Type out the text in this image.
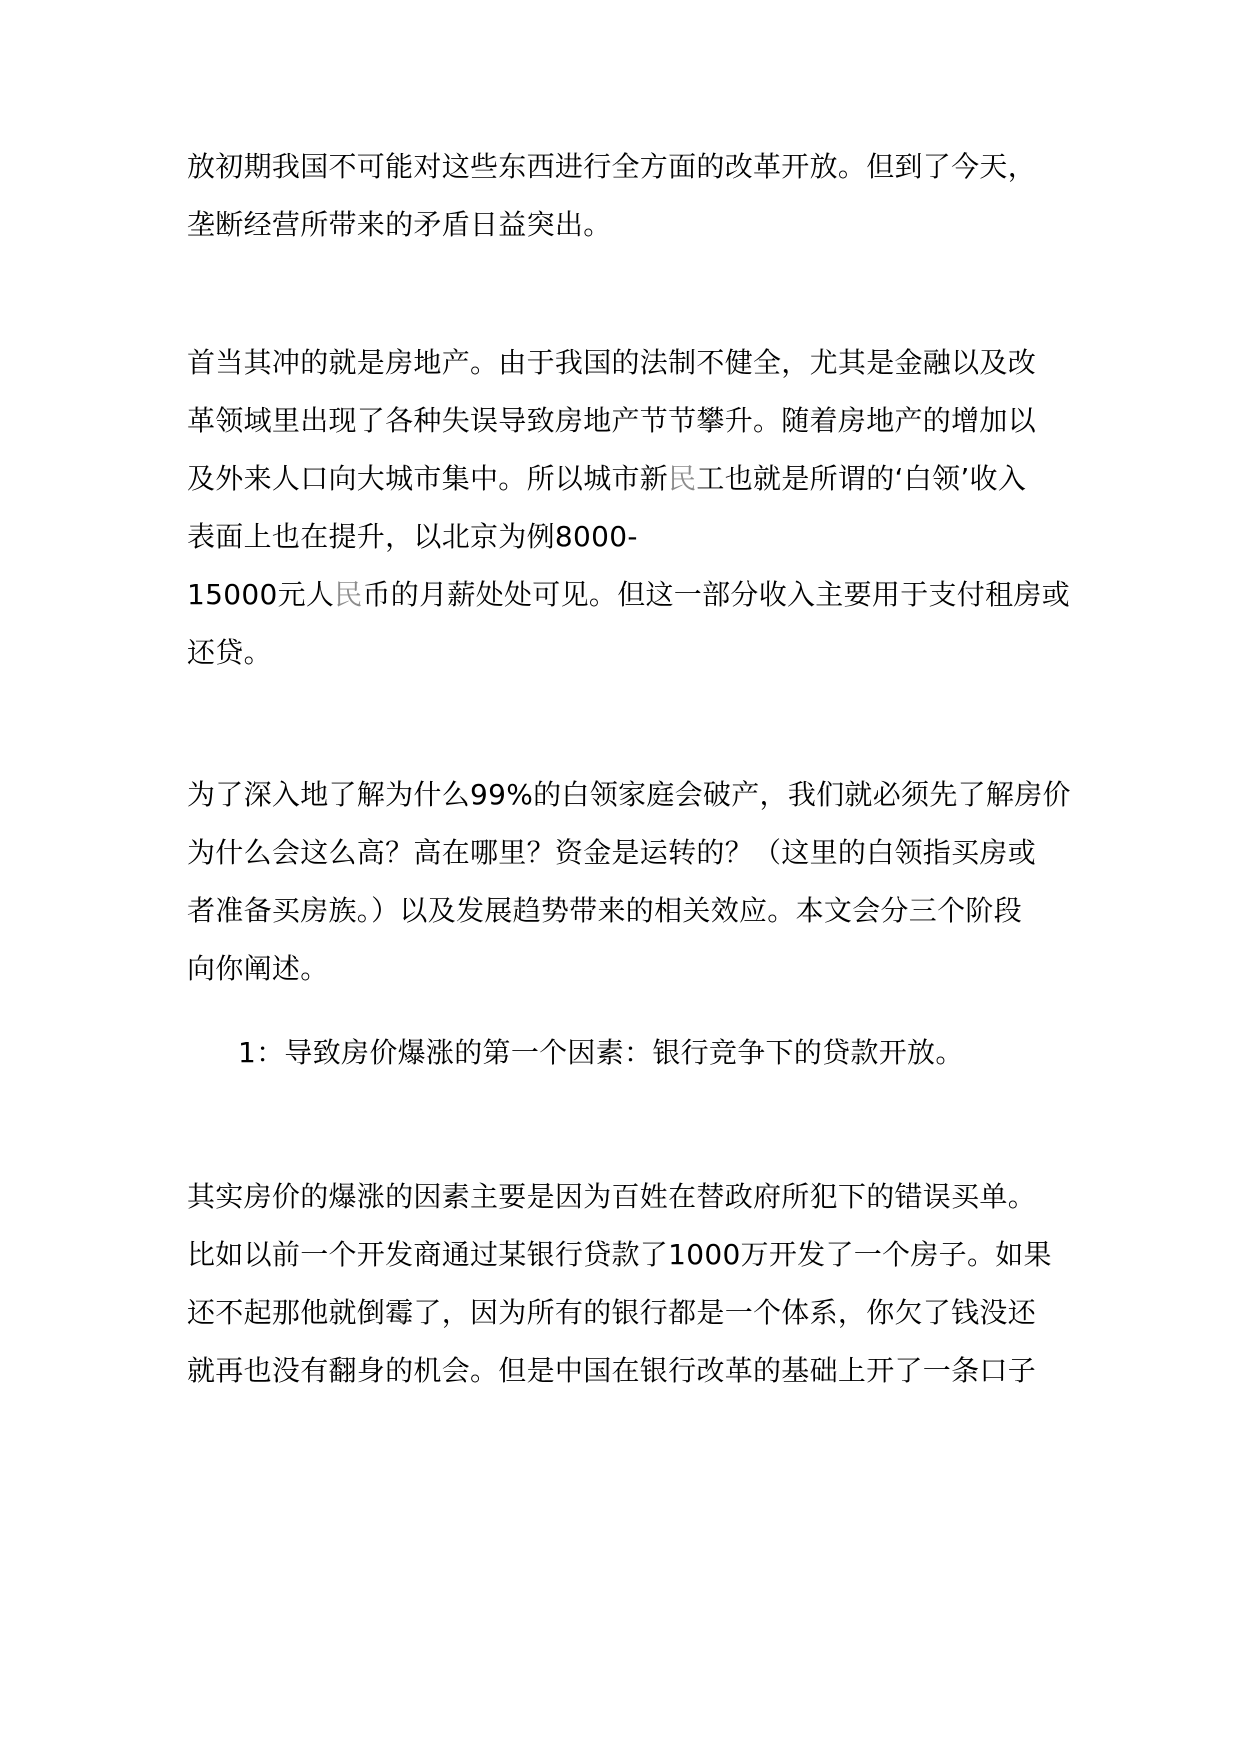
放初期我国不可能对这些东西进行全方面的改革开放。但到了今天，
垄断经营所带来的矛盾日益突出。
首当其冲的就是房地产。由于我国的法制不健全，尤其是金融以及改
革领域里出现了各种失误导致房地产节节攀升。随着房地产的增加以
及外来人口向大城市集中。所以城市新民工也就是所谓的‘白领’收入
表面上也在提升，以北京为例8000-
15000元人民币的月薪处处可见。但这一部分收入主要用于支付租房或
还贷。
为了深入地了解为什么99%的白领家庭会破产，我们就必须先了解房价
为什么会这么高？高在哪里？资金是运转的？（这里的白领指买房或
者准备买房族。）以及发展趋势带来的相关效应。本文会分三个阶段
向你阐述。
1：导致房价爆涨的第一个因素：银行竞争下的贷款开放。
其实房价的爆涨的因素主要是因为百姓在替政府所犯下的错误买单。
比如以前一个开发商通过某银行贷款了1000万开发了一个房子。如果
还不起那他就倒霉了，因为所有的银行都是一个体系，你欠了钱没还
就再也没有翻身的机会。但是中国在银行改革的基础上开了一条口子
